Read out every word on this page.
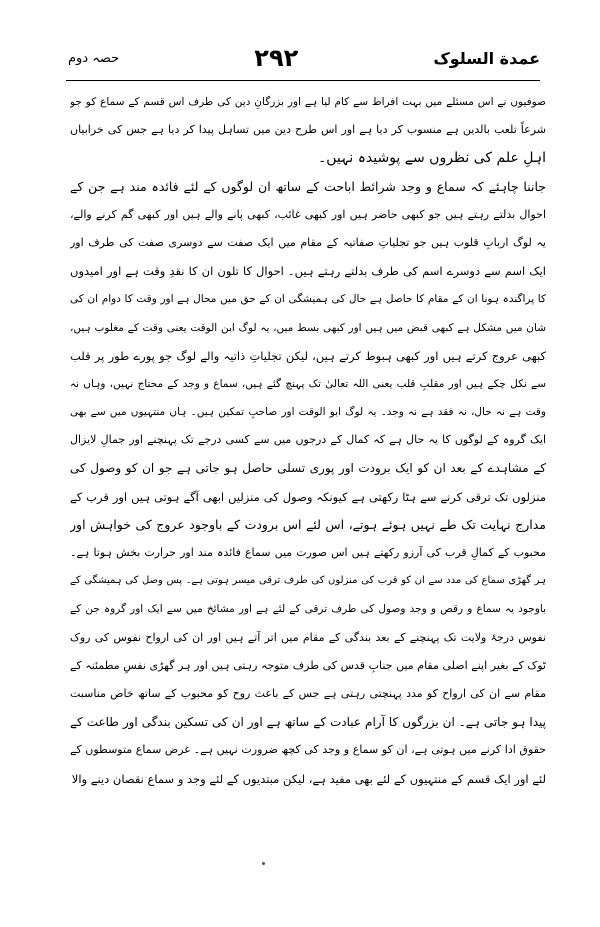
عمدة السلوک
۲۹۲
حصہ دوم
صوفیوں نے اس مسئلے میں بہت افراط سے کام لیا ہے اور بزرگانِ دین کی طرف اس قسم کے سماع کو جو
شرعاً تلعب بالدین ہے منسوب کر دیا ہے اور اس طرح دین میں تساہل پیدا کر دیا ہے جس کی خرابیاں
اہلِ علم کی نظروں سے پوشیدہ نہیں۔
جاننا چاہئے کہ سماع و وجد شرائط اباحت کے ساتھ ان لوگوں کے لئے فائدہ مند ہے جن کے
احوال بدلتے رہتے ہیں جو کبھی حاضر ہیں اور کبھی غائب، کبھی پانے والے ہیں اور کبھی گم کرنے والے،
یہ لوگ اربابِ قلوب ہیں جو تجلیاتِ صفاتیہ کے مقام میں ایک صفت سے دوسری صفت کی طرف اور
ایک اسم سے دوسرے اسم کی طرف بدلتے رہتے ہیں۔ احوال کا تلون ان کا نقدِ وقت ہے اور امیدوں
کا پراگندہ ہونا ان کے مقام کا حاصل ہے حال کی ہمیشگی ان کے حق میں محال ہے اور وقت کا دوام ان کی
شان میں مشکل ہے کبھی قبض میں ہیں اور کبھی بسط میں، یہ لوگ ابن الوقت یعنی وقت کے مغلوب ہیں،
کبھی عروج کرتے ہیں اور کبھی ہبوط کرتے ہیں، لیکن تجلیاتِ ذاتیہ والے لوگ جو پورے طور پر قلب
سے نکل چکے ہیں اور مقلبِ قلب یعنی اللہ تعالیٰ تک پہنچ گئے ہیں، سماع و وجد کے محتاج نہیں، وہاں نہ
وقت ہے نہ حال، نہ فقد ہے نہ وجد۔ یہ لوگ ابو الوقت اور صاحبِ تمکین ہیں۔ ہاں منتہیوں میں سے بھی
ایک گروہ کے لوگوں کا یہ حال ہے کہ کمال کے درجوں میں سے کسی درجے تک پہنچنے اور جمالِ لایزال
کے مشاہدے کے بعد ان کو ایک برودت اور پوری تسلی حاصل ہو جاتی ہے جو ان کو وصول کی
منزلوں تک ترقی کرنے سے ہٹا رکھتی ہے کیونکہ وصول کی منزلیں ابھی آگے ہوتی ہیں اور قرب کے
مدارج نہایت تک طے نہیں ہوئے ہوتے، اس لئے اس برودت کے باوجود عروج کی خواہش اور
محبوب کے کمالِ قرب کی آرزو رکھتے ہیں اس صورت میں سماع فائدہ مند اور حرارت بخش ہوتا ہے۔
ہر گھڑی سماع کی مدد سے ان کو قرب کی منزلوں کی طرف ترقی میسر ہوتی ہے۔ پس وصل کی ہمیشگی کے
باوجود یہ سماع و رقص و وجد وصول کی طرف ترقی کے لئے ہے اور مشائخ میں سے ایک اور گروہ جن کے
نفوس درجۂ ولایت تک پہنچنے کے بعد بندگی کے مقام میں اتر آتے ہیں اور ان کی ارواح نفوس کی روک
ٹوک کے بغیر اپنے اصلی مقام میں جنابِ قدس کی طرف متوجہ رہتی ہیں اور ہر گھڑی نفسِ مطمئنہ کے
مقام سے ان کی ارواح کو مدد پہنچتی رہتی ہے جس کے باعث روح کو محبوب کے ساتھ خاص مناسبت
پیدا ہو جاتی ہے۔ ان بزرگوں کا آرام عبادت کے ساتھ ہے اور ان کی تسکین بندگی اور طاعت کے
حقوق ادا کرنے میں ہوتی ہے، ان کو سماع و وجد کی کچھ ضرورت نہیں ہے۔ غرض سماع متوسطوں کے
لئے اور ایک قسم کے منتہیوں کے لئے بھی مفید ہے، لیکن مبتدیوں کے لئے وجد و سماع نقصان دینے والا
